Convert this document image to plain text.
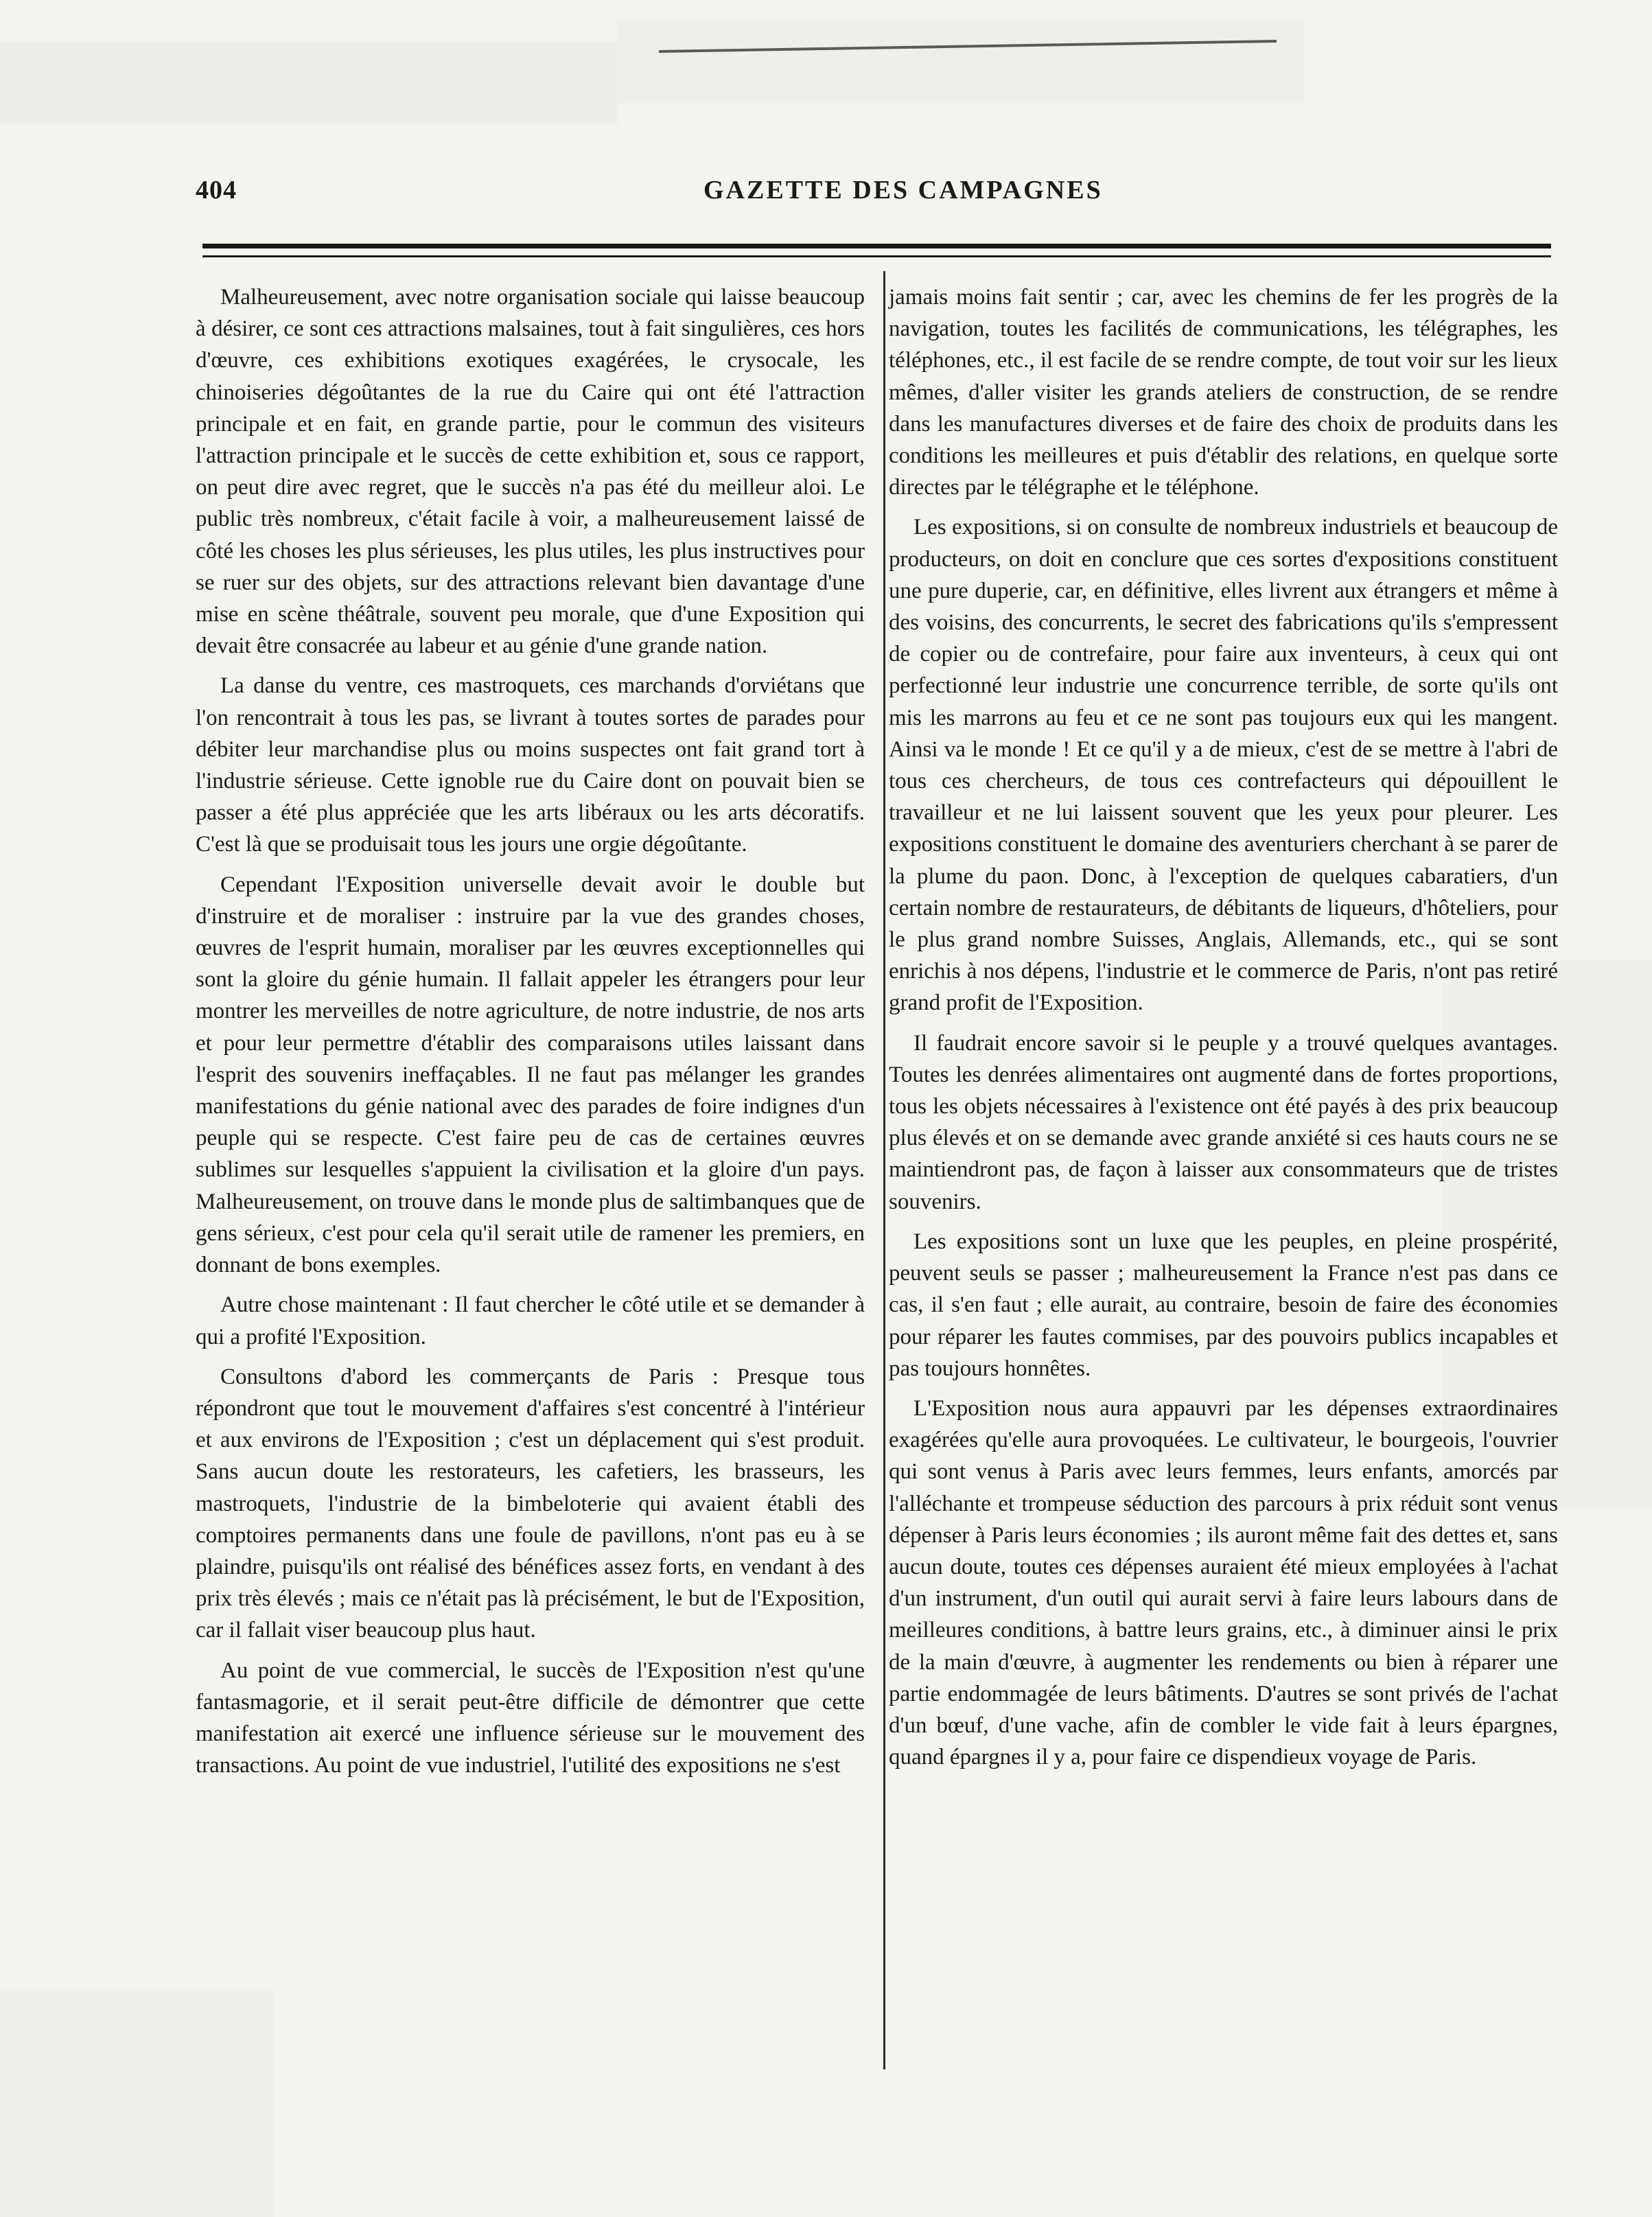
404	GAZETTE DES CAMPAGNES

Malheureusement, avec notre organisation sociale qui laisse beaucoup à désirer, ce sont ces attractions malsaines, tout à fait singulières, ces hors d'œuvre, ces exhibitions exotiques exagérées, le crysocale, les chinoiseries dégoûtantes de la rue du Caire qui ont été l'attraction principale et en fait, en grande partie, pour le commun des visiteurs l'attraction principale et le succès de cette exhibition et, sous ce rapport, on peut dire avec regret, que le succès n'a pas été du meilleur aloi. Le public très nombreux, c'était facile à voir, a malheureusement laissé de côté les choses les plus sérieuses, les plus utiles, les plus instructives pour se ruer sur des objets, sur des attractions relevant bien davantage d'une mise en scène théâtrale, souvent peu morale, que d'une Exposition qui devait être consacrée au labeur et au génie d'une grande nation.

La danse du ventre, ces mastroquets, ces marchands d'orviétans que l'on rencontrait à tous les pas, se livrant à toutes sortes de parades pour débiter leur marchandise plus ou moins suspectes ont fait grand tort à l'industrie sérieuse. Cette ignoble rue du Caire dont on pouvait bien se passer a été plus appréciée que les arts libéraux ou les arts décoratifs. C'est là que se produisait tous les jours une orgie dégoûtante.

Cependant l'Exposition universelle devait avoir le double but d'instruire et de moraliser : instruire par la vue des grandes choses, œuvres de l'esprit humain, moraliser par les œuvres exceptionnelles qui sont la gloire du génie humain. Il fallait appeler les étrangers pour leur montrer les merveilles de notre agriculture, de notre industrie, de nos arts et pour leur permettre d'établir des comparaisons utiles laissant dans l'esprit des souvenirs ineffaçables. Il ne faut pas mélanger les grandes manifestations du génie national avec des parades de foire indignes d'un peuple qui se respecte. C'est faire peu de cas de certaines œuvres sublimes sur lesquelles s'appuient la civilisation et la gloire d'un pays. Malheureusement, on trouve dans le monde plus de saltimbanques que de gens sérieux, c'est pour cela qu'il serait utile de ramener les premiers, en donnant de bons exemples.

Autre chose maintenant : Il faut chercher le côté utile et se demander à qui a profité l'Exposition.

Consultons d'abord les commerçants de Paris : Presque tous répondront que tout le mouvement d'affaires s'est concentré à l'intérieur et aux environs de l'Exposition ; c'est un déplacement qui s'est produit. Sans aucun doute les restorateurs, les cafetiers, les brasseurs, les mastroquets, l'industrie de la bimbeloterie qui avaient établi des comptoires permanents dans une foule de pavillons, n'ont pas eu à se plaindre, puisqu'ils ont réalisé des bénéfices assez forts, en vendant à des prix très élevés ; mais ce n'était pas là précisément, le but de l'Exposition, car il fallait viser beaucoup plus haut.

Au point de vue commercial, le succès de l'Exposition n'est qu'une fantasmagorie, et il serait peut-être difficile de démontrer que cette manifestation ait exercé une influence sérieuse sur le mouvement des transactions. Au point de vue industriel, l'utilité des expositions ne s'est

jamais moins fait sentir ; car, avec les chemins de fer les progrès de la navigation, toutes les facilités de communications, les télégraphes, les téléphones, etc., il est facile de se rendre compte, de tout voir sur les lieux mêmes, d'aller visiter les grands ateliers de construction, de se rendre dans les manufactures diverses et de faire des choix de produits dans les conditions les meilleures et puis d'établir des relations, en quelque sorte directes par le télégraphe et le téléphone.

Les expositions, si on consulte de nombreux industriels et beaucoup de producteurs, on doit en conclure que ces sortes d'expositions constituent une pure duperie, car, en définitive, elles livrent aux étrangers et même à des voisins, des concurrents, le secret des fabrications qu'ils s'empressent de copier ou de contrefaire, pour faire aux inventeurs, à ceux qui ont perfectionné leur industrie une concurrence terrible, de sorte qu'ils ont mis les marrons au feu et ce ne sont pas toujours eux qui les mangent. Ainsi va le monde ! Et ce qu'il y a de mieux, c'est de se mettre à l'abri de tous ces chercheurs, de tous ces contrefacteurs qui dépouillent le travailleur et ne lui laissent souvent que les yeux pour pleurer. Les expositions constituent le domaine des aventuriers cherchant à se parer de la plume du paon. Donc, à l'exception de quelques cabaratiers, d'un certain nombre de restaurateurs, de débitants de liqueurs, d'hôteliers, pour le plus grand nombre Suisses, Anglais, Allemands, etc., qui se sont enrichis à nos dépens, l'industrie et le commerce de Paris, n'ont pas retiré grand profit de l'Exposition.

Il faudrait encore savoir si le peuple y a trouvé quelques avantages. Toutes les denrées alimentaires ont augmenté dans de fortes proportions, tous les objets nécessaires à l'existence ont été payés à des prix beaucoup plus élevés et on se demande avec grande anxiété si ces hauts cours ne se maintiendront pas, de façon à laisser aux consommateurs que de tristes souvenirs.

Les expositions sont un luxe que les peuples, en pleine prospérité, peuvent seuls se passer ; malheureusement la France n'est pas dans ce cas, il s'en faut ; elle aurait, au contraire, besoin de faire des économies pour réparer les fautes commises, par des pouvoirs publics incapables et pas toujours honnêtes.

L'Exposition nous aura appauvri par les dépenses extraordinaires exagérées qu'elle aura provoquées. Le cultivateur, le bourgeois, l'ouvrier qui sont venus à Paris avec leurs femmes, leurs enfants, amorcés par l'alléchante et trompeuse séduction des parcours à prix réduit sont venus dépenser à Paris leurs économies ; ils auront même fait des dettes et, sans aucun doute, toutes ces dépenses auraient été mieux employées à l'achat d'un instrument, d'un outil qui aurait servi à faire leurs labours dans de meilleures conditions, à battre leurs grains, etc., à diminuer ainsi le prix de la main d'œuvre, à augmenter les rendements ou bien à réparer une partie endommagée de leurs bâtiments. D'autres se sont privés de l'achat d'un bœuf, d'une vache, afin de combler le vide fait à leurs épargnes, quand épargnes il y a, pour faire ce dispendieux voyage de Paris.
